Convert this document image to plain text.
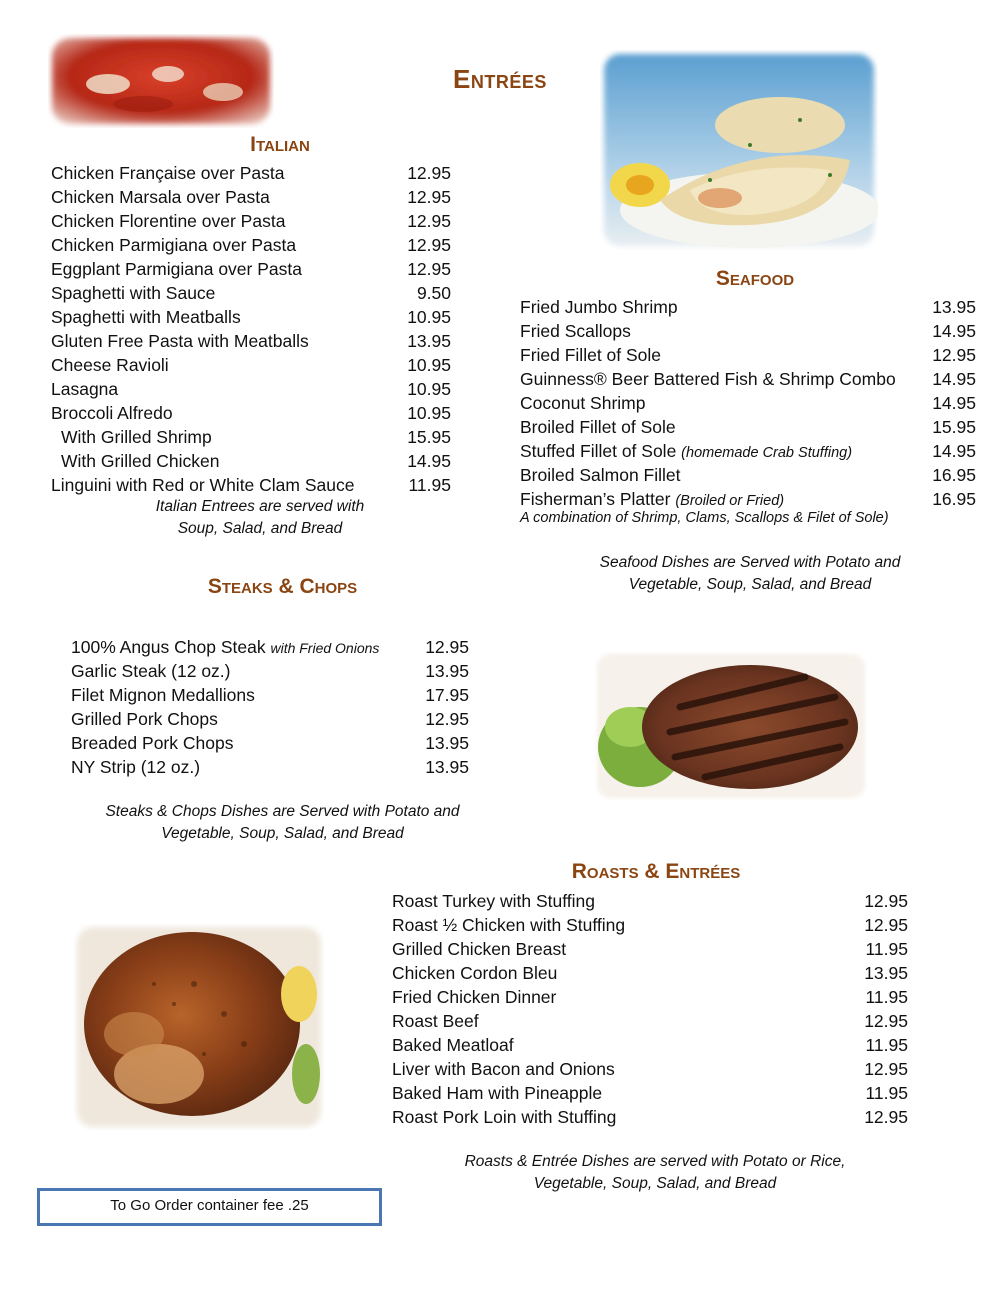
Entrées
Italian
Chicken Française over Pasta	12.95
Chicken Marsala over Pasta	12.95
Chicken Florentine over Pasta	12.95
Chicken Parmigiana over Pasta	12.95
Eggplant Parmigiana over Pasta	12.95
Spaghetti with Sauce	9.50
Spaghetti with Meatballs	10.95
Gluten Free Pasta with Meatballs	13.95
Cheese Ravioli	10.95
Lasagna	10.95
Broccoli Alfredo	10.95
With Grilled Shrimp	15.95
With Grilled Chicken	14.95
Linguini with Red or White Clam Sauce	11.95
Italian Entrees are served with
Soup, Salad, and Bread
Seafood
Fried Jumbo Shrimp	13.95
Fried Scallops	14.95
Fried Fillet of Sole	12.95
Guinness® Beer Battered Fish & Shrimp Combo 14.95
Coconut Shrimp	14.95
Broiled Fillet of Sole	15.95
Stuffed Fillet of Sole (homemade Crab Stuffing)	14.95
Broiled Salmon Fillet	16.95
Fisherman’s Platter (Broiled or Fried)	16.95
A combination of Shrimp, Clams, Scallops & Filet of Sole)
Seafood Dishes are Served with Potato and
Vegetable, Soup, Salad, and Bread
Steaks & Chops
100% Angus Chop Steak with Fried Onions	12.95
Garlic Steak (12 oz.)	13.95
Filet Mignon Medallions	17.95
Grilled Pork Chops	12.95
Breaded Pork Chops	13.95
NY Strip (12 oz.)	13.95
Steaks & Chops Dishes are Served with Potato and
Vegetable, Soup, Salad, and Bread
Roasts & Entrées
Roast Turkey with Stuffing	12.95
Roast ½ Chicken with Stuffing	12.95
Grilled Chicken Breast	11.95
Chicken Cordon Bleu	13.95
Fried Chicken Dinner	11.95
Roast Beef	12.95
Baked Meatloaf	11.95
Liver with Bacon and Onions	12.95
Baked Ham with Pineapple	11.95
Roast Pork Loin with Stuffing	12.95
Roasts & Entrée Dishes are served with Potato or Rice,
Vegetable, Soup, Salad, and Bread
To Go Order container fee .25
